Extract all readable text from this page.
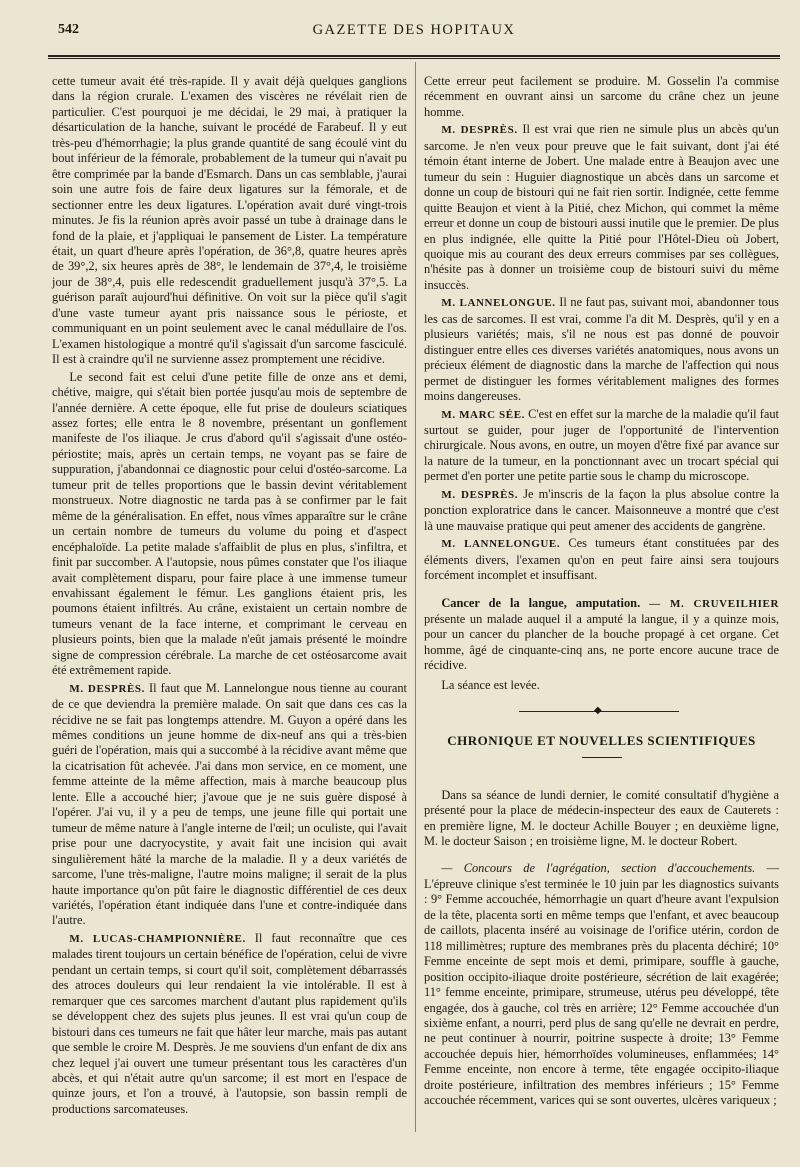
542	GAZETTE DES HOPITAUX

cette tumeur avait été très-rapide. Il y avait déjà quelques ganglions dans la région crurale. L'examen des viscères ne révélait rien de particulier. C'est pourquoi je me décidai, le 29 mai, à pratiquer la désarticulation de la hanche, suivant le procédé de Farabeuf. Il y eut très-peu d'hémorrhagie; la plus grande quantité de sang écoulé vint du bout inférieur de la fémorale, probablement de la tumeur qui n'avait pu être comprimée par la bande d'Esmarch. Dans un cas semblable, j'aurai soin une autre fois de faire deux ligatures sur la fémorale, et de sectionner entre les deux ligatures. L'opération avait duré vingt-trois minutes. Je fis la réunion après avoir passé un tube à drainage dans le fond de la plaie, et j'appliquai le pansement de Lister. La température était, un quart d'heure après l'opération, de 36°,8, quatre heures après de 39°,2, six heures après de 38°, le lendemain de 37°,4, le troisième jour de 38°,4, puis elle redescendit graduellement jusqu'à 37°,5. La guérison paraît aujourd'hui définitive. On voit sur la pièce qu'il s'agit d'une vaste tumeur ayant pris naissance sous le périoste, et communiquant en un point seulement avec le canal médullaire de l'os. L'examen histologique a montré qu'il s'agissait d'un sarcome fasciculé. Il est à craindre qu'il ne survienne assez promptement une récidive.

Le second fait est celui d'une petite fille de onze ans et demi, chétive, maigre, qui s'était bien portée jusqu'au mois de septembre de l'année dernière. A cette époque, elle fut prise de douleurs sciatiques assez fortes; elle entra le 8 novembre, présentant un gonflement manifeste de l'os iliaque. Je crus d'abord qu'il s'agissait d'une ostéo-périostite; mais, après un certain temps, ne voyant pas se faire de suppuration, j'abandonnai ce diagnostic pour celui d'ostéo-sarcome. La tumeur prit de telles proportions que le bassin devint véritablement monstrueux. Notre diagnostic ne tarda pas à se confirmer par le fait même de la généralisation. En effet, nous vîmes apparaître sur le crâne un certain nombre de tumeurs du volume du poing et d'aspect encéphaloïde. La petite malade s'affaiblit de plus en plus, s'infiltra, et finit par succomber. A l'autopsie, nous pûmes constater que l'os iliaque avait complètement disparu, pour faire place à une immense tumeur envahissant également le fémur. Les ganglions étaient pris, les poumons étaient infiltrés. Au crâne, existaient un certain nombre de tumeurs venant de la face interne, et comprimant le cerveau en plusieurs points, bien que la malade n'eût jamais présenté le moindre signe de compression cérébrale. La marche de cet ostéosarcome avait été extrêmement rapide.

M. DESPRÈS. Il faut que M. Lannelongue nous tienne au courant de ce que deviendra la première malade. On sait que dans ces cas la récidive ne se fait pas longtemps attendre. M. Guyon a opéré dans les mêmes conditions un jeune homme de dix-neuf ans qui a très-bien guéri de l'opération, mais qui a succombé à la récidive avant même que la cicatrisation fût achevée. J'ai dans mon service, en ce moment, une femme atteinte de la même affection, mais à marche beaucoup plus lente. Elle a accouché hier; j'avoue que je ne suis guère disposé à l'opérer. J'ai vu, il y a peu de temps, une jeune fille qui portait une tumeur de même nature à l'angle interne de l'œil; un oculiste, qui l'avait prise pour une dacryocystite, y avait fait une incision qui avait singulièrement hâté la marche de la maladie. Il y a deux variétés de sarcome, l'une très-maligne, l'autre moins maligne; il serait de la plus haute importance qu'on pût faire le diagnostic différentiel de ces deux variétés, l'opération étant indiquée dans l'une et contre-indiquée dans l'autre.

M. LUCAS-CHAMPIONNIÈRE. Il faut reconnaître que ces malades tirent toujours un certain bénéfice de l'opération, celui de vivre pendant un certain temps, si court qu'il soit, complètement débarrassés des atroces douleurs qui leur rendaient la vie intolérable. Il est à remarquer que ces sarcomes marchent d'autant plus rapidement qu'ils se développent chez des sujets plus jeunes. Il est vrai qu'un coup de bistouri dans ces tumeurs ne fait que hâter leur marche, mais pas autant que semble le croire M. Desprès. Je me souviens d'un enfant de dix ans chez lequel j'ai ouvert une tumeur présentant tous les caractères d'un abcès, et qui n'était autre qu'un sarcome; il est mort en l'espace de quinze jours, et l'on a trouvé, à l'autopsie, son bassin rempli de productions sarcomateuses.

Cette erreur peut facilement se produire. M. Gosselin l'a commise récemment en ouvrant ainsi un sarcome du crâne chez un jeune homme.

M. DESPRÈS. Il est vrai que rien ne simule plus un abcès qu'un sarcome. Je n'en veux pour preuve que le fait suivant, dont j'ai été témoin étant interne de Jobert. Une malade entre à Beaujon avec une tumeur du sein : Huguier diagnostique un abcès dans un sarcome et donne un coup de bistouri qui ne fait rien sortir. Indignée, cette femme quitte Beaujon et vient à la Pitié, chez Michon, qui commet la même erreur et donne un coup de bistouri aussi inutile que le premier. De plus en plus indignée, elle quitte la Pitié pour l'Hôtel-Dieu où Jobert, quoique mis au courant des deux erreurs commises par ses collègues, n'hésite pas à donner un troisième coup de bistouri suivi du même insuccès.

M. LANNELONGUE. Il ne faut pas, suivant moi, abandonner tous les cas de sarcomes. Il est vrai, comme l'a dit M. Desprès, qu'il y en a plusieurs variétés; mais, s'il ne nous est pas donné de pouvoir distinguer entre elles ces diverses variétés anatomiques, nous avons un précieux élément de diagnostic dans la marche de l'affection qui nous permet de distinguer les formes véritablement malignes des formes moins dangereuses.

M. MARC SÉE. C'est en effet sur la marche de la maladie qu'il faut surtout se guider, pour juger de l'opportunité de l'intervention chirurgicale. Nous avons, en outre, un moyen d'être fixé par avance sur la nature de la tumeur, en la ponctionnant avec un trocart spécial qui permet d'en porter une petite partie sous le champ du microscope.

M. DESPRÈS. Je m'inscris de la façon la plus absolue contre la ponction exploratrice dans le cancer. Maisonneuve a montré que c'est là une mauvaise pratique qui peut amener des accidents de gangrène.

M. LANNELONGUE. Ces tumeurs étant constituées par des éléments divers, l'examen qu'on en peut faire ainsi sera toujours forcément incomplet et insuffisant.

Cancer de la langue, amputation. — M. CRUVEILHIER présente un malade auquel il a amputé la langue, il y a quinze mois, pour un cancer du plancher de la bouche propagé à cet organe. Cet homme, âgé de cinquante-cinq ans, ne porte encore aucune trace de récidive.

La séance est levée.

◆
CHRONIQUE ET NOUVELLES SCIENTIFIQUES

Dans sa séance de lundi dernier, le comité consultatif d'hygiène a présenté pour la place de médecin-inspecteur des eaux de Cauterets : en première ligne, M. le docteur Achille Bouyer ; en deuxième ligne, M. le docteur Saison ; en troisième ligne, M. le docteur Robert.

— Concours de l'agrégation, section d'accouchements. — L'épreuve clinique s'est terminée le 10 juin par les diagnostics suivants : 9° Femme accouchée, hémorrhagie un quart d'heure avant l'expulsion de la tête, placenta sorti en même temps que l'enfant, et avec beaucoup de caillots, placenta inséré au voisinage de l'orifice utérin, cordon de 118 millimètres; rupture des membranes près du placenta déchiré; 10° Femme enceinte de sept mois et demi, primipare, souffle à gauche, position occipito-iliaque droite postérieure, sécrétion de lait exagérée; 11° femme enceinte, primipare, strumeuse, utérus peu développé, tête engagée, dos à gauche, col très en arrière; 12° Femme accouchée d'un sixième enfant, a nourri, perd plus de sang qu'elle ne devrait en perdre, ne peut continuer à nourrir, poitrine suspecte à droite; 13° Femme accouchée depuis hier, hémorrhoïdes volumineuses, enflammées; 14° Femme enceinte, non encore à terme, tête engagée occipito-iliaque droite postérieure, infiltration des membres inférieurs ; 15° Femme accouchée récemment, varices qui se sont ouvertes, ulcères variqueux ;
